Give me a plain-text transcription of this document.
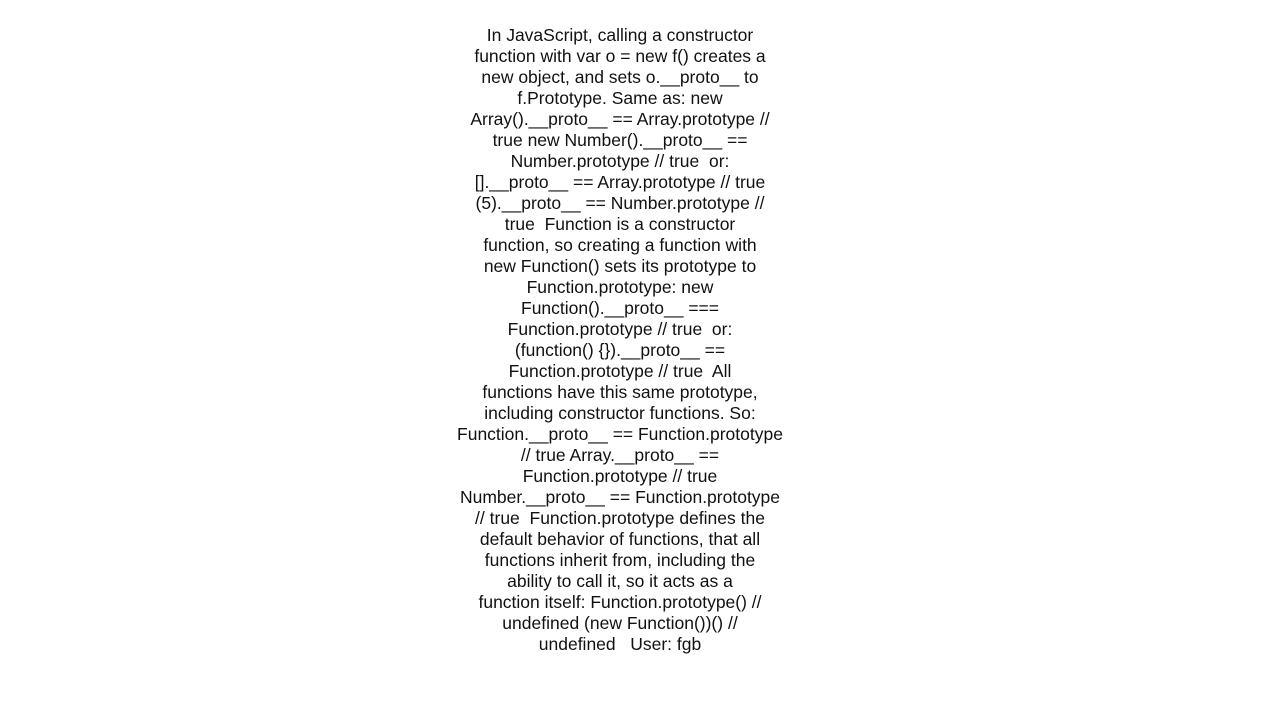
In JavaScript, calling a constructor
function with var o = new f() creates a
new object, and sets o.__proto__ to
f.Prototype. Same as: new
Array().__proto__ == Array.prototype //
true new Number().__proto__ ==
Number.prototype // true  or:
[].__proto__ == Array.prototype // true
(5).__proto__ == Number.prototype //
true  Function is a constructor
function, so creating a function with
new Function() sets its prototype to
Function.prototype: new
Function().__proto__ ===
Function.prototype // true  or:
(function() {}).__proto__ ==
Function.prototype // true  All
functions have this same prototype,
including constructor functions. So:
Function.__proto__ == Function.prototype
// true Array.__proto__ ==
Function.prototype // true
Number.__proto__ == Function.prototype
// true  Function.prototype defines the
default behavior of functions, that all
functions inherit from, including the
ability to call it, so it acts as a
function itself: Function.prototype() //
undefined (new Function())() //
undefined   User: fgb
